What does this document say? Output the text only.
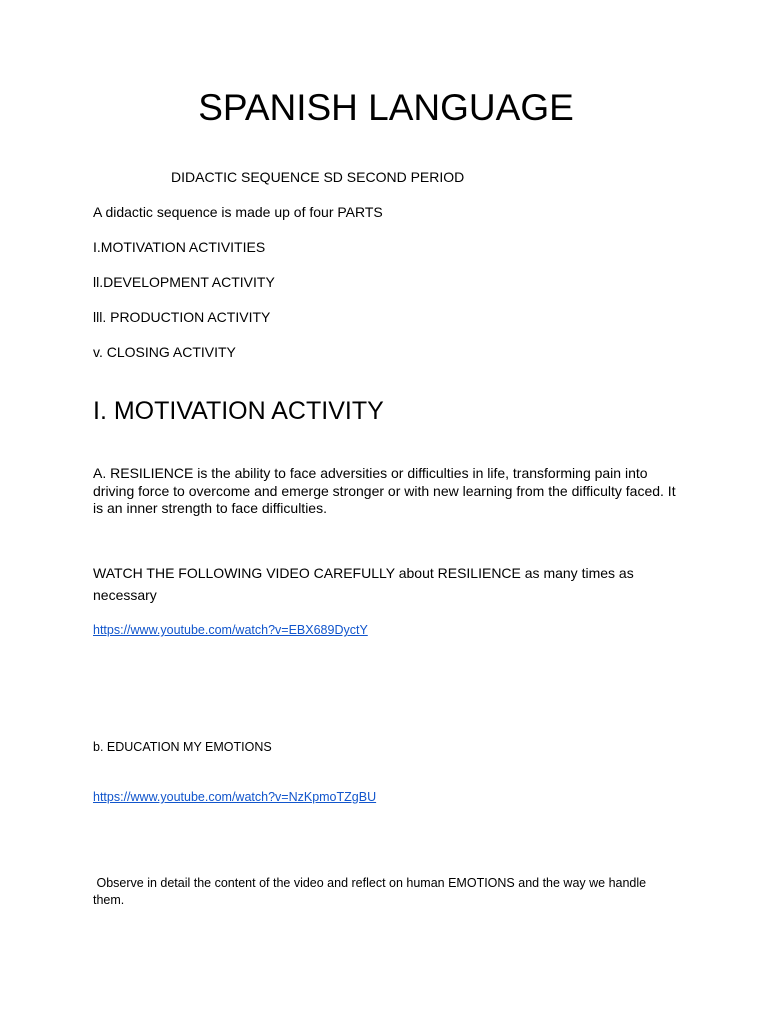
SPANISH LANGUAGE
DIDACTIC SEQUENCE SD SECOND PERIOD
A didactic sequence is made up of four PARTS
I.MOTIVATION ACTIVITIES
ll.DEVELOPMENT ACTIVITY
lll. PRODUCTION ACTIVITY
v. CLOSING ACTIVITY
I. MOTIVATION ACTIVITY
A. RESILIENCE is the ability to face adversities or difficulties in life, transforming pain into driving force to overcome and emerge stronger or with new learning from the difficulty faced. It is an inner strength to face difficulties.
WATCH THE FOLLOWING VIDEO CAREFULLY about RESILIENCE as many times as necessary
https://www.youtube.com/watch?v=EBX689DyctY
b. EDUCATION MY EMOTIONS
https://www.youtube.com/watch?v=NzKpmoTZgBU
Observe in detail the content of the video and reflect on human EMOTIONS and the way we handle them.
